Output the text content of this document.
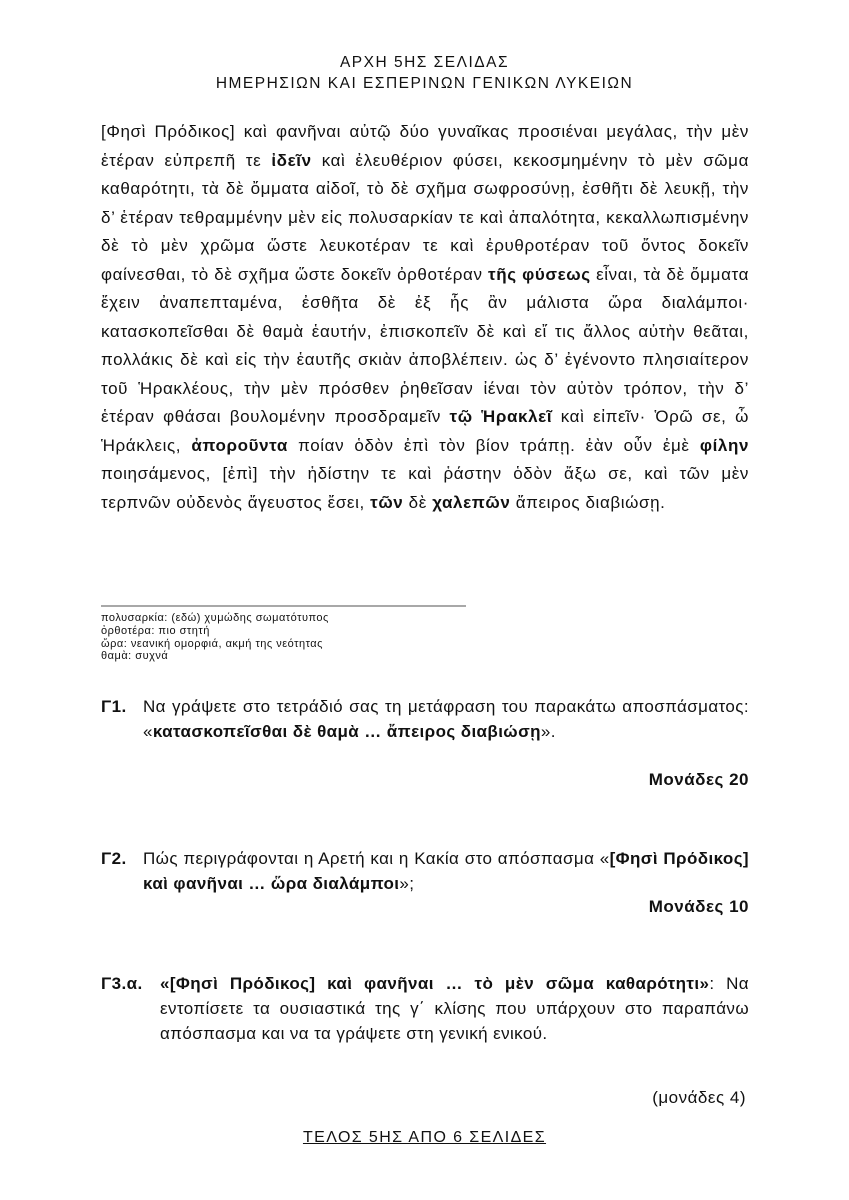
ΑΡΧΗ 5ΗΣ ΣΕΛΙΔΑΣ
ΗΜΕΡΗΣΙΩΝ ΚΑΙ ΕΣΠΕΡΙΝΩΝ ΓΕΝΙΚΩΝ ΛΥΚΕΙΩΝ
[Φησὶ Πρόδικος] καὶ φανῆναι αὐτῷ δύο γυναῖκας προσιέναι μεγάλας, τὴν μὲν ἑτέραν εὐπρεπῆ τε ἰδεῖν καὶ ἐλευθέριον φύσει, κεκοσμημένην τὸ μὲν σῶμα καθαρότητι, τὰ δὲ ὄμματα αἰδοῖ, τὸ δὲ σχῆμα σωφροσύνῃ, ἐσθῆτι δὲ λευκῇ, τὴν δ’ ἑτέραν τεθραμμένην μὲν εἰς πολυσαρκίαν τε καὶ ἁπαλότητα, κεκαλλωπισμένην δὲ τὸ μὲν χρῶμα ὥστε λευκοτέραν τε καὶ ἐρυθροτέραν τοῦ ὄντος δοκεῖν φαίνεσθαι, τὸ δὲ σχῆμα ὥστε δοκεῖν ὀρθοτέραν τῆς φύσεως εἶναι, τὰ δὲ ὄμματα ἔχειν ἀναπεπταμένα, ἐσθῆτα δὲ ἐξ ἧς ἂν μάλιστα ὥρα διαλάμποι· κατασκοπεῖσθαι δὲ θαμὰ ἑαυτήν, ἐπισκοπεῖν δὲ καὶ εἴ τις ἄλλος αὐτὴν θεᾶται, πολλάκις δὲ καὶ εἰς τὴν ἑαυτῆς σκιὰν ἀποβλέπειν. ὡς δ’ ἐγένοντο πλησιαίτερον τοῦ Ἡρακλέους, τὴν μὲν πρόσθεν ῥηθεῖσαν ἰέναι τὸν αὐτὸν τρόπον, τὴν δ’ ἑτέραν φθάσαι βουλομένην προσδραμεῖν τῷ Ἡρακλεῖ καὶ εἰπεῖν· Ὁρῶ σε, ὦ Ἡράκλεις, ἀποροῦντα ποίαν ὁδὸν ἐπὶ τὸν βίον τράπῃ. ἐὰν οὖν ἐμὲ φίλην ποιησάμενος, [ἐπὶ] τὴν ἡδίστην τε καὶ ῥάστην ὁδὸν ἄξω σε, καὶ τῶν μὲν τερπνῶν οὐδενὸς ἄγευστος ἔσει, τῶν δὲ χαλεπῶν ἄπειρος διαβιώσῃ.
πολυσαρκία: (εδώ) χυμώδης σωματότυπος
ὀρθοτέρα: πιο στητή
ὥρα: νεανική ομορφιά, ακμή της νεότητας
θαμὰ: συχνά
Γ1. Να γράψετε στο τετράδιό σας τη μετάφραση του παρακάτω αποσπάσματος: «κατασκοπεῖσθαι δὲ θαμὰ … ἄπειρος διαβιώσῃ».
Μονάδες 20
Γ2. Πώς περιγράφονται η Αρετή και η Κακία στο απόσπασμα «[Φησὶ Πρόδικος] καὶ φανῆναι … ὥρα διαλάμποι»;
Μονάδες 10
Γ3.α. «[Φησὶ Πρόδικος] καὶ φανῆναι … τὸ μὲν σῶμα καθαρότητι»: Να εντοπίσετε τα ουσιαστικά της γ΄ κλίσης που υπάρχουν στο παραπάνω απόσπασμα και να τα γράψετε στη γενική ενικού.
(μονάδες 4)
ΤΕΛΟΣ 5ΗΣ ΑΠΟ 6 ΣΕΛΙΔΕΣ
